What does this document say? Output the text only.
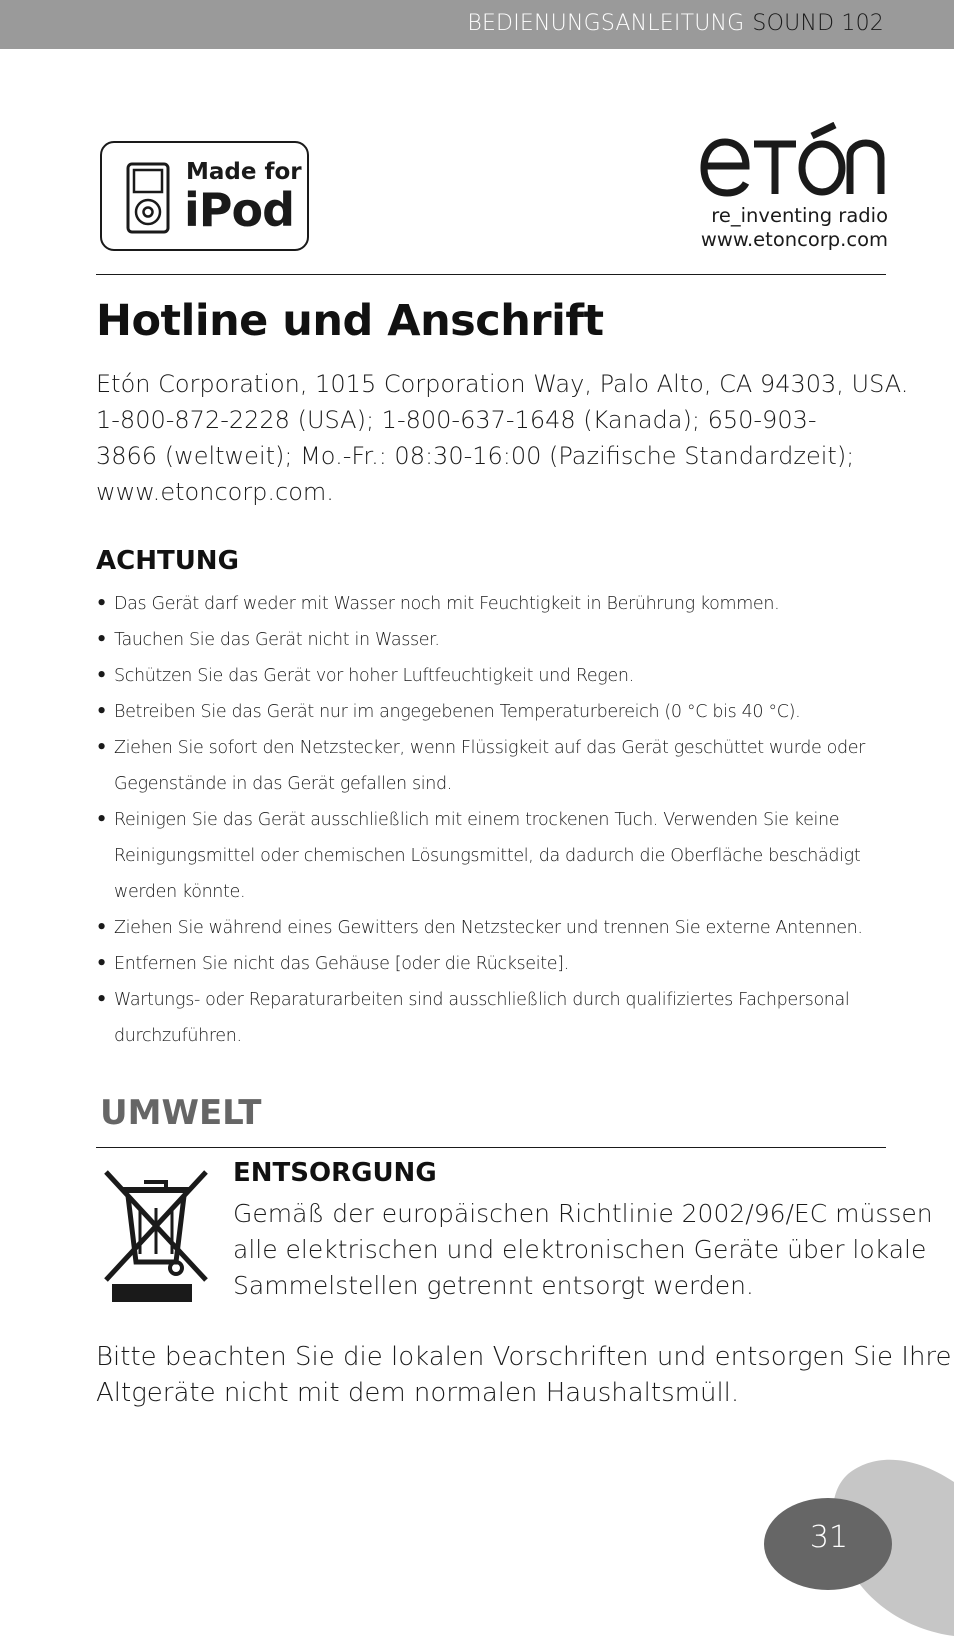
BEDIENUNGSANLEITUNG SOUND 102
Made for
iPod	re_inventing radio
www.etoncorp.com
Hotline und Anschrift
Etón Corporation, 1015 Corporation Way, Palo Alto, CA 94303, USA.
1-800-872-2228 (USA); 1-800-637-1648 (Kanada); 650-903-
3866 (weltweit); Mo.-Fr.: 08:30-16:00 (Pazifische Standardzeit);
www.etoncorp.com.
ACHTUNG
• Das Gerät darf weder mit Wasser noch mit Feuchtigkeit in Berührung kommen.
• Tauchen Sie das Gerät nicht in Wasser.
• Schützen Sie das Gerät vor hoher Luftfeuchtigkeit und Regen.
• Betreiben Sie das Gerät nur im angegebenen Temperaturbereich (0 °C bis 40 °C).
• Ziehen Sie sofort den Netzstecker, wenn Flüssigkeit auf das Gerät geschüttet wurde oder
Gegenstände in das Gerät gefallen sind.
• Reinigen Sie das Gerät ausschließlich mit einem trockenen Tuch. Verwenden Sie keine
Reinigungsmittel oder chemischen Lösungsmittel, da dadurch die Oberfläche beschädigt
werden könnte.
• Ziehen Sie während eines Gewitters den Netzstecker und trennen Sie externe Antennen.
• Entfernen Sie nicht das Gehäuse [oder die Rückseite].
• Wartungs- oder Reparaturarbeiten sind ausschließlich durch qualifiziertes Fachpersonal
durchzuführen.
UMWELT
ENTSORGUNG
Gemäß der europäischen Richtlinie 2002/96/EC müssen
alle elektrischen und elektronischen Geräte über lokale
Sammelstellen getrennt entsorgt werden.
Bitte beachten Sie die lokalen Vorschriften und entsorgen Sie Ihre
Altgeräte nicht mit dem normalen Haushaltsmüll.
31
